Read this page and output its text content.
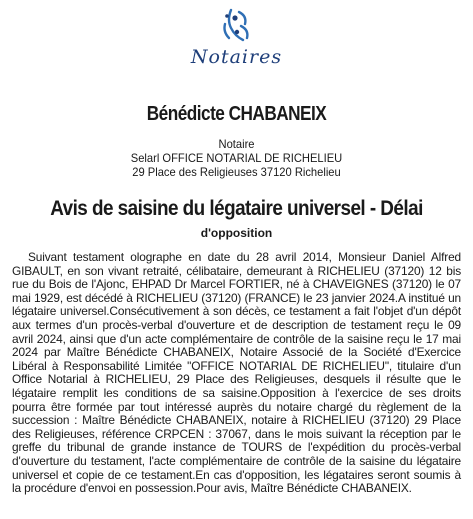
Notaires
Bénédicte CHABANEIX
Notaire
Selarl OFFICE NOTARIAL DE RICHELIEU
29 Place des Religieuses 37120 Richelieu
Avis de saisine du légataire universel - Délai
d'opposition
Suivant testament olographe en date du 28 avril 2014, Monsieur Daniel Alfred GIBAULT, en son vivant retraité, célibataire, demeurant à RICHELIEU (37120) 12 bis rue du Bois de l'Ajonc, EHPAD Dr Marcel FORTIER, né à CHAVEIGNES (37120) le 07 mai 1929, est décédé à RICHELIEU (37120) (FRANCE) le 23 janvier 2024.A institué un légataire universel.Consécutivement à son décès, ce testament a fait l'objet d'un dépôt aux termes d'un procès-verbal d'ouverture et de description de testament reçu le 09 avril 2024, ainsi que d'un acte complémentaire de contrôle de la saisine reçu le 17 mai 2024 par Maître Bénédicte CHABANEIX, Notaire Associé de la Société d'Exercice Libéral à Responsabilité Limitée "OFFICE NOTARIAL DE RICHELIEU", titulaire d'un Office Notarial à RICHELIEU, 29 Place des Religieuses, desquels il résulte que le légataire remplit les conditions de sa saisine.Opposition à l'exercice de ses droits pourra être formée par tout intéressé auprès du notaire chargé du règlement de la succession : Maître Bénédicte CHABANEIX, notaire à RICHELIEU (37120) 29 Place des Religieuses, référence CRPCEN : 37067, dans le mois suivant la réception par le greffe du tribunal de grande instance de TOURS de l'expédition du procès-verbal d'ouverture du testament, l'acte complémentaire de contrôle de la saisine du légataire universel et copie de ce testament.En cas d'opposition, les légataires seront soumis à la procédure d'envoi en possession.Pour avis, Maître Bénédicte CHABANEIX.
